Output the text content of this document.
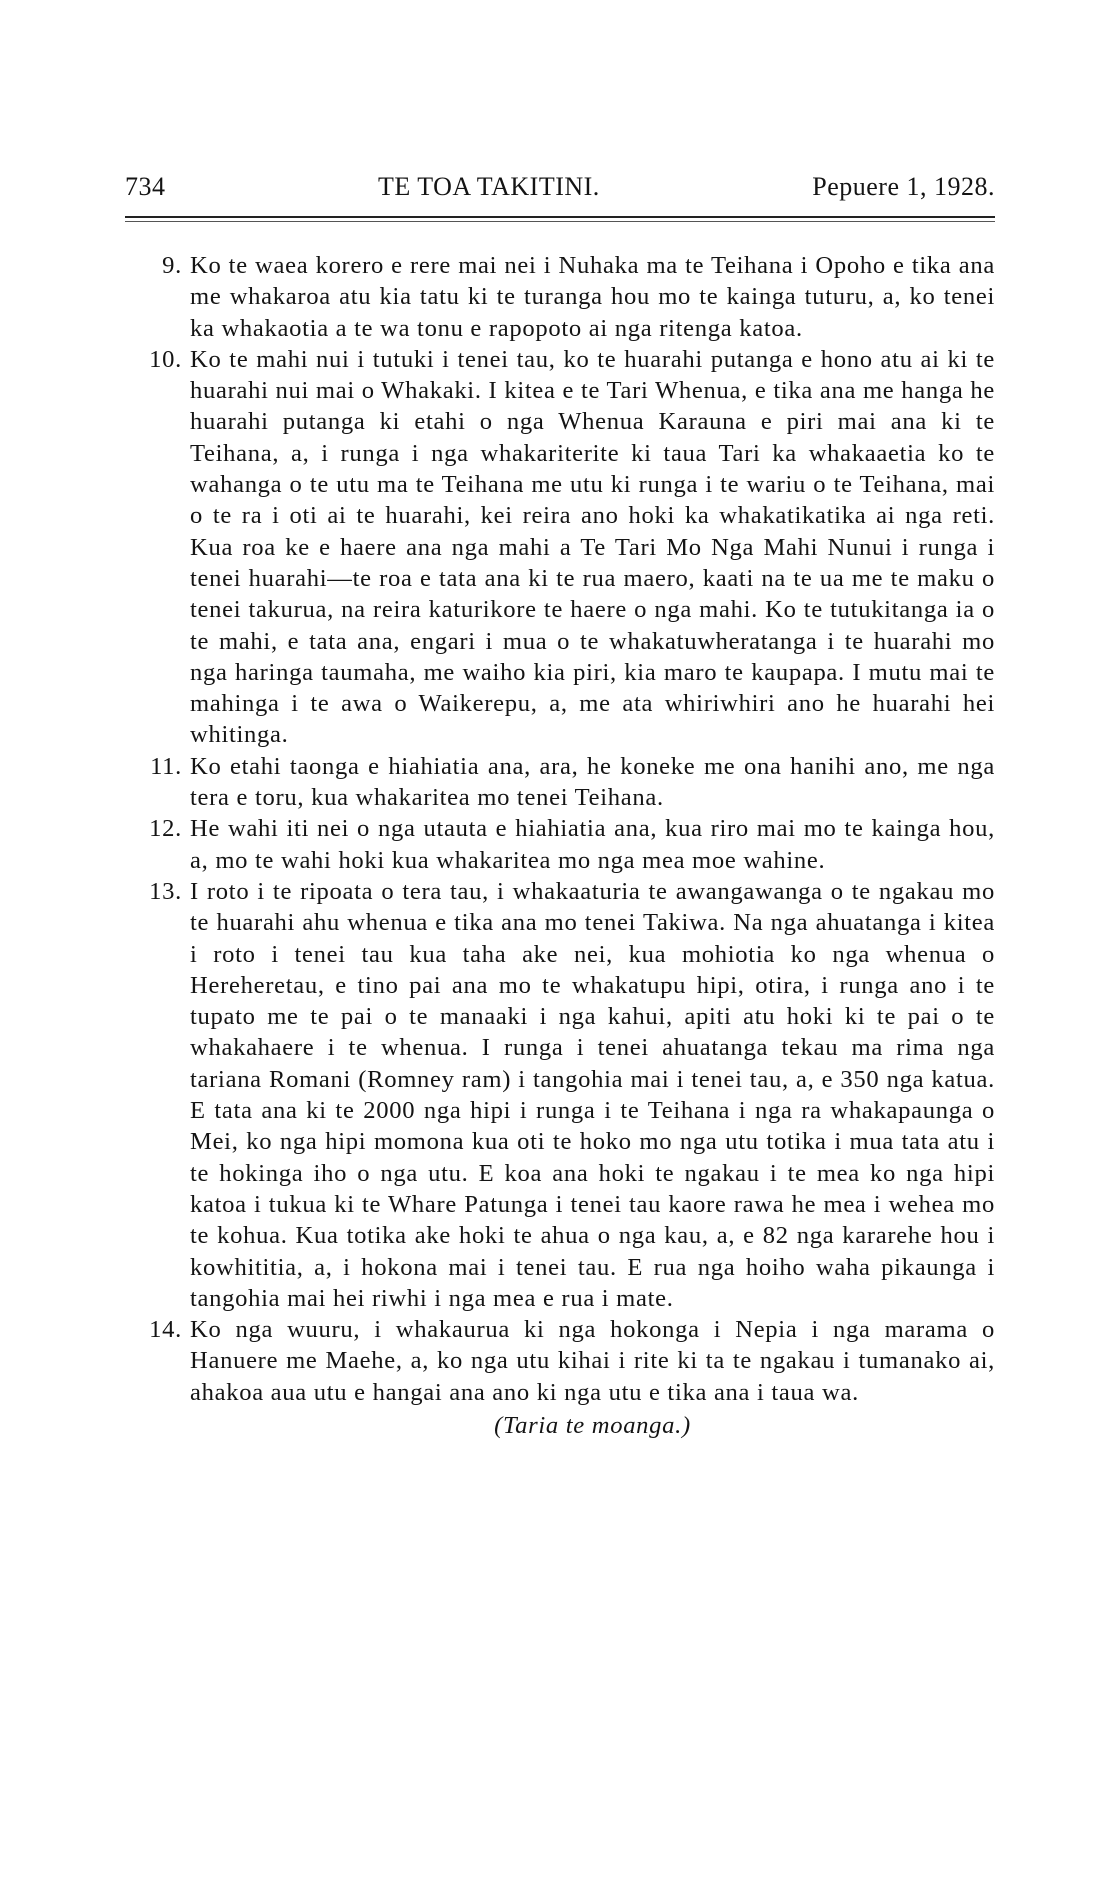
734	TE TOA TAKITINI.	Pepuere 1, 1928.
9. Ko te waea korero e rere mai nei i Nuhaka ma te Teihana i Opoho e tika ana me whakaroa atu kia tatu ki te turanga hou mo te kainga tuturu, a, ko tenei ka whakaotia a te wa tonu e rapopoto ai nga ritenga katoa.
10. Ko te mahi nui i tutuki i tenei tau, ko te huarahi putanga e hono atu ai ki te huarahi nui mai o Whakaki. I kitea e te Tari Whenua, e tika ana me hanga he huarahi putanga ki etahi o nga Whenua Karauna e piri mai ana ki te Teihana, a, i runga i nga whakariterite ki taua Tari ka whakaaetia ko te wahanga o te utu ma te Teihana me utu ki runga i te wariu o te Teihana, mai o te ra i oti ai te huarahi, kei reira ano hoki ka whakatikatika ai nga reti. Kua roa ke e haere ana nga mahi a Te Tari Mo Nga Mahi Nunui i runga i tenei huarahi—te roa e tata ana ki te rua maero, kaati na te ua me te maku o tenei takurua, na reira katurikore te haere o nga mahi. Ko te tutukitanga ia o te mahi, e tata ana, engari i mua o te whakatuwheratanga i te huarahi mo nga haringa taumaha, me waiho kia piri, kia maro te kaupapa. I mutu mai te mahinga i te awa o Waikerepu, a, me ata whiriwhiri ano he huarahi hei whitinga.
11. Ko etahi taonga e hiahiatia ana, ara, he koneke me ona hanihi ano, me nga tera e toru, kua whakaritea mo tenei Teihana.
12. He wahi iti nei o nga utauta e hiahiatia ana, kua riro mai mo te kainga hou, a, mo te wahi hoki kua whakaritea mo nga mea moe wahine.
13. I roto i te ripoata o tera tau, i whakaaturia te awangawanga o te ngakau mo te huarahi ahu whenua e tika ana mo tenei Takiwa. Na nga ahuatanga i kitea i roto i tenei tau kua taha ake nei, kua mohiotia ko nga whenua o Hereheretau, e tino pai ana mo te whakatupu hipi, otira, i runga ano i te tupato me te pai o te manaaki i nga kahui, apiti atu hoki ki te pai o te whakahaere i te whenua. I runga i tenei ahuatanga tekau ma rima nga tariana Romani (Romney ram) i tangohia mai i tenei tau, a, e 350 nga katua. E tata ana ki te 2000 nga hipi i runga i te Teihana i nga ra whakapaunga o Mei, ko nga hipi momona kua oti te hoko mo nga utu totika i mua tata atu i te hokinga iho o nga utu. E koa ana hoki te ngakau i te mea ko nga hipi katoa i tukua ki te Whare Patunga i tenei tau kaore rawa he mea i wehea mo te kohua. Kua totika ake hoki te ahua o nga kau, a, e 82 nga kararehe hou i kowhititia, a, i hokona mai i tenei tau. E rua nga hoiho waha pikaunga i tangohia mai hei riwhi i nga mea e rua i mate.
14. Ko nga wuuru, i whakaurua ki nga hokonga i Nepia i nga marama o Hanuere me Maehe, a, ko nga utu kihai i rite ki ta te ngakau i tumanako ai, ahakoa aua utu e hangai ana ano ki nga utu e tika ana i taua wa.
(Taria te moanga.)
